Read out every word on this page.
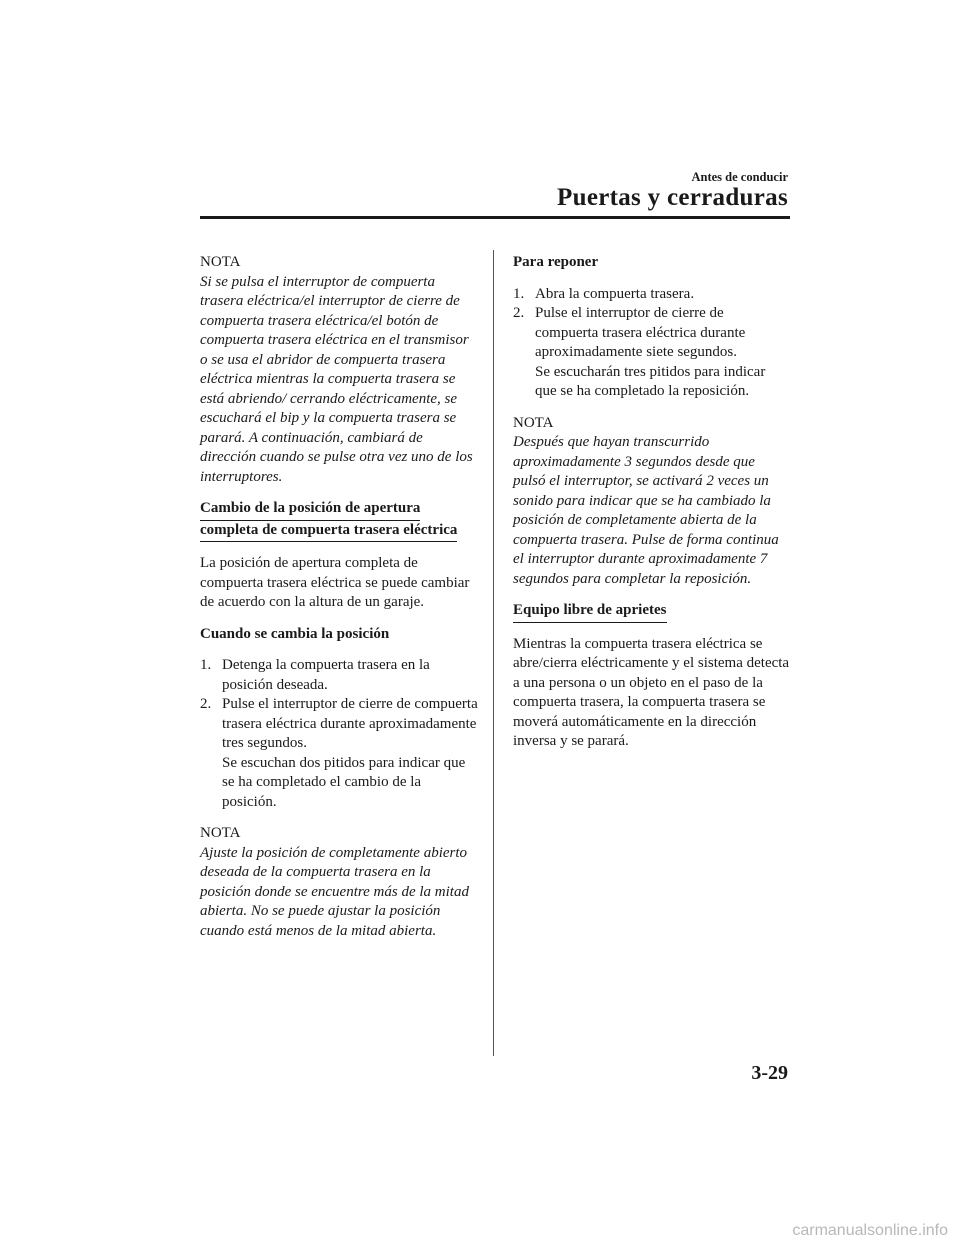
Antes de conducir
Puertas y cerraduras

NOTA

Si se pulsa el interruptor de compuerta trasera eléctrica/el interruptor de cierre de compuerta trasera eléctrica/el botón de compuerta trasera eléctrica en el transmisor o se usa el abridor de compuerta trasera eléctrica mientras la compuerta trasera se está abriendo/ cerrando eléctricamente, se escuchará el bip y la compuerta trasera se parará. A continuación, cambiará de dirección cuando se pulse otra vez uno de los interruptores.

Cambio de la posición de apertura
completa de compuerta trasera eléctrica

La posición de apertura completa de compuerta trasera eléctrica se puede cambiar de acuerdo con la altura de un garaje.

Cuando se cambia la posición

1. Detenga la compuerta trasera en la posición deseada.
2. Pulse el interruptor de cierre de compuerta trasera eléctrica durante aproximadamente tres segundos.
Se escuchan dos pitidos para indicar que se ha completado el cambio de la posición.

NOTA

Ajuste la posición de completamente abierto deseada de la compuerta trasera en la posición donde se encuentre más de la mitad abierta. No se puede ajustar la posición cuando está menos de la mitad abierta.

Para reponer

1. Abra la compuerta trasera.
2. Pulse el interruptor de cierre de compuerta trasera eléctrica durante aproximadamente siete segundos.
Se escucharán tres pitidos para indicar que se ha completado la reposición.

NOTA

Después que hayan transcurrido aproximadamente 3 segundos desde que pulsó el interruptor, se activará 2 veces un sonido para indicar que se ha cambiado la posición de completamente abierta de la compuerta trasera. Pulse de forma continua el interruptor durante aproximadamente 7 segundos para completar la reposición.

Equipo libre de aprietes

Mientras la compuerta trasera eléctrica se abre/cierra eléctricamente y el sistema detecta a una persona o un objeto en el paso de la compuerta trasera, la compuerta trasera se moverá automáticamente en la dirección inversa y se parará.

3-29
carmanualsonline.info
